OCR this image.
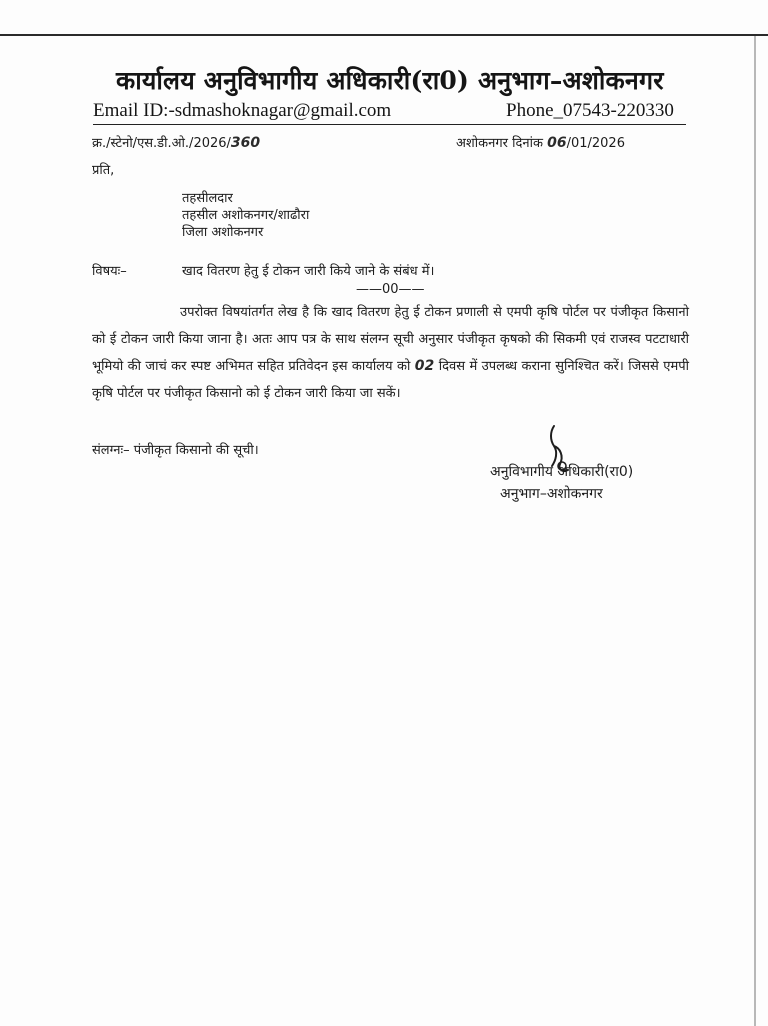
कार्यालय अनुविभागीय अधिकारी(रा0) अनुभाग–अशोकनगर
Email ID:-sdmashoknagar@gmail.com	Phone_07543-220330
क्र./स्टेनो/एस.डी.ओ./2026/360	अशोकनगर दिनांक 06/01/2026
प्रति,
तहसीलदार
तहसील अशोकनगर/शाढौरा
जिला अशोकनगर
विषयः–	खाद वितरण हेतु ई टोकन जारी किये जाने के संबंध में।
——00——
उपरोक्त विषयांतर्गत लेख है कि खाद वितरण हेतु ई टोकन प्रणाली से एमपी कृषि पोर्टल पर पंजीकृत किसानो को ई टोकन जारी किया जाना है। अतः आप पत्र के साथ संलग्न सूची अनुसार पंजीकृत कृषको की सिकमी एवं राजस्व पटटाधारी भूमियो की जाचं कर स्पष्ट अभिमत सहित प्रतिवेदन इस कार्यालय को 02 दिवस में उपलब्ध कराना सुनिश्चित करें। जिससे एमपी कृषि पोर्टल पर पंजीकृत किसानो को ई टोकन जारी किया जा सकें।
संलग्नः– पंजीकृत किसानो की सूची।
अनुविभागीय अधिकारी(रा0)
अनुभाग–अशोकनगर
